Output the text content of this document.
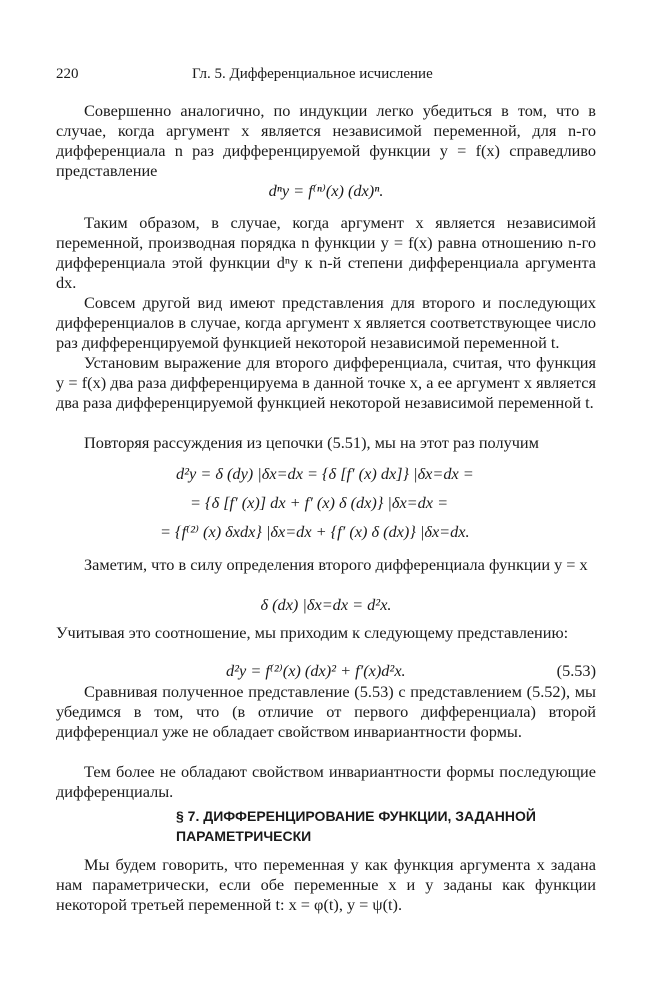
220	Гл. 5. Дифференциальное исчисление
Совершенно аналогично, по индукции легко убедиться в том, что в случае, когда аргумент x является независимой переменной, для n-го дифференциала n раз дифференцируемой функции y = f(x) справедливо представление
dⁿy = f⁽ⁿ⁾(x) (dx)ⁿ.
Таким образом, в случае, когда аргумент x является независимой переменной, производная порядка n функции y = f(x) равна отношению n-го дифференциала этой функции dⁿy к n-й степени дифференциала аргумента dx.
Совсем другой вид имеют представления для второго и последующих дифференциалов в случае, когда аргумент x является соответствующее число раз дифференцируемой функцией некоторой независимой переменной t.
Установим выражение для второго дифференциала, считая, что функция y = f(x) два раза дифференцируема в данной точке x, а ее аргумент x является два раза дифференцируемой функцией некоторой независимой переменной t.
Повторяя рассуждения из цепочки (5.51), мы на этот раз получим
d²y = δ (dy) |δx=dx = {δ [f′ (x) dx]} |δx=dx =
= {δ [f′ (x)] dx + f′ (x) δ (dx)} |δx=dx =
= {f⁽²⁾ (x) δxdx} |δx=dx + {f′ (x) δ (dx)} |δx=dx.
Заметим, что в силу определения второго дифференциала функции y = x
δ (dx) |δx=dx = d²x.
Учитывая это соотношение, мы приходим к следующему представлению:
d²y = f⁽²⁾(x) (dx)² + f′(x)d²x.	(5.53)
Сравнивая полученное представление (5.53) с представлением (5.52), мы убедимся в том, что (в отличие от первого дифференциала) второй дифференциал уже не обладает свойством инвариантности формы.
Тем более не обладают свойством инвариантности формы последующие дифференциалы.
§ 7. ДИФФЕРЕНЦИРОВАНИЕ ФУНКЦИИ, ЗАДАННОЙ
ПАРАМЕТРИЧЕСКИ
Мы будем говорить, что переменная y как функция аргумента x задана нам параметрически, если обе переменные x и y заданы как функции некоторой третьей переменной t: x = φ(t), y = ψ(t).
